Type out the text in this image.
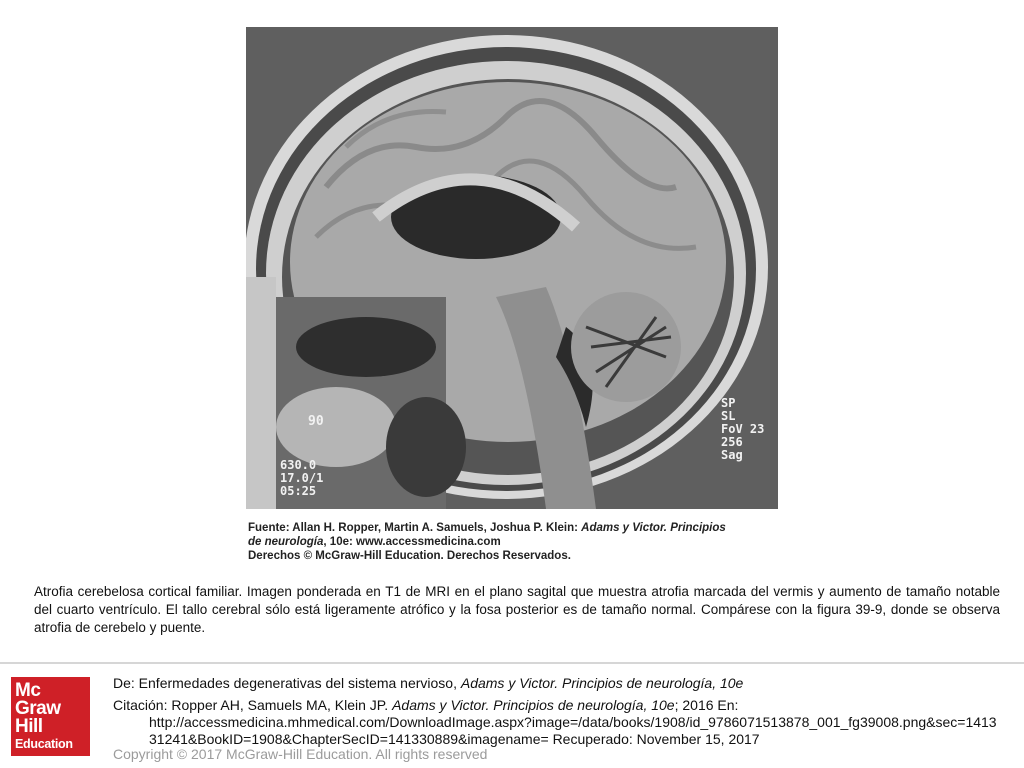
90
630.0
17.0/1
05:25
SP
SL
FoV 23
256
Sag
Fuente: Allan H. Ropper, Martin A. Samuels, Joshua P. Klein: Adams y Victor. Principios
de neurología, 10e: www.accessmedicina.com
Derechos © McGraw-Hill Education. Derechos Reservados.
Atrofia cerebelosa cortical familiar. Imagen ponderada en T1 de MRI en el plano sagital que muestra atrofia marcada del vermis y aumento de tamaño notable del cuarto ventrículo. El tallo cerebral sólo está ligeramente atrófico y la fosa posterior es de tamaño normal. Compárese con la figura 39-9, donde se observa atrofia de cerebelo y puente.
Mc
Graw
Hill
Education
De: Enfermedades degenerativas del sistema nervioso, Adams y Victor. Principios de neurología, 10e
Citación: Ropper AH, Samuels MA, Klein JP. Adams y Victor. Principios de neurología, 10e; 2016 En:
http://accessmedicina.mhmedical.com/DownloadImage.aspx?image=/data/books/1908/id_9786071513878_001_fg39008.png&sec=1413
31241&BookID=1908&ChapterSecID=141330889&imagename= Recuperado: November 15, 2017
Copyright © 2017 McGraw-Hill Education. All rights reserved
